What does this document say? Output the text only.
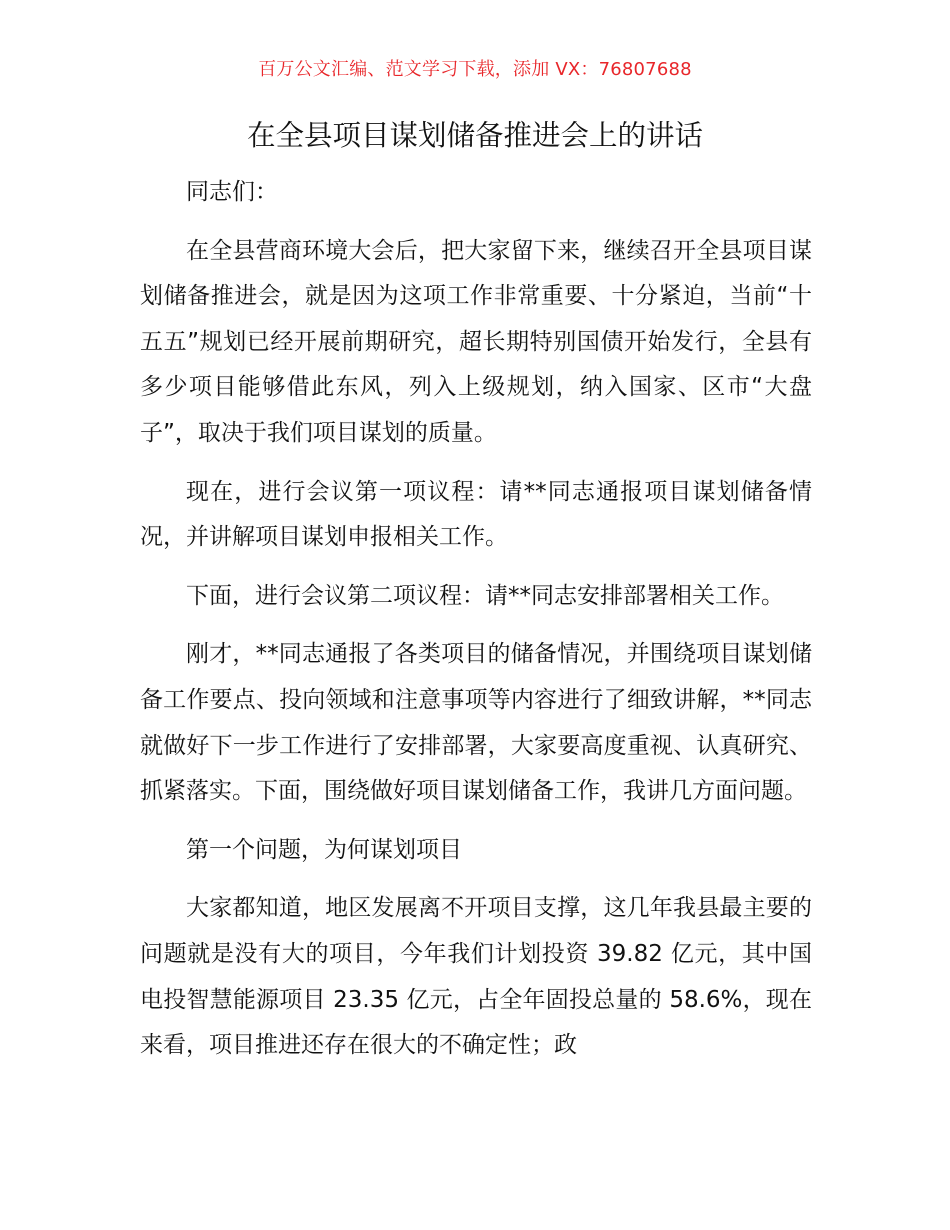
百万公文汇编、范文学习下载，添加 VX：76807688
在全县项目谋划储备推进会上的讲话

同志们：

在全县营商环境大会后，把大家留下来，继续召开全县项目谋划储备推进会，就是因为这项工作非常重要、十分紧迫，当前“十五五”规划已经开展前期研究，超长期特别国债开始发行，全县有多少项目能够借此东风，列入上级规划，纳入国家、区市“大盘子”，取决于我们项目谋划的质量。

现在，进行会议第一项议程：请**同志通报项目谋划储备情况，并讲解项目谋划申报相关工作。

下面，进行会议第二项议程：请**同志安排部署相关工作。

刚才，**同志通报了各类项目的储备情况，并围绕项目谋划储备工作要点、投向领域和注意事项等内容进行了细致讲解，**同志就做好下一步工作进行了安排部署，大家要高度重视、认真研究、抓紧落实。下面，围绕做好项目谋划储备工作，我讲几方面问题。

第一个问题，为何谋划项目

大家都知道，地区发展离不开项目支撑，这几年我县最主要的问题就是没有大的项目，今年我们计划投资 39.82 亿元，其中国电投智慧能源项目 23.35 亿元，占全年固投总量的 58.6%，现在来看，项目推进还存在很大的不确定性；政
